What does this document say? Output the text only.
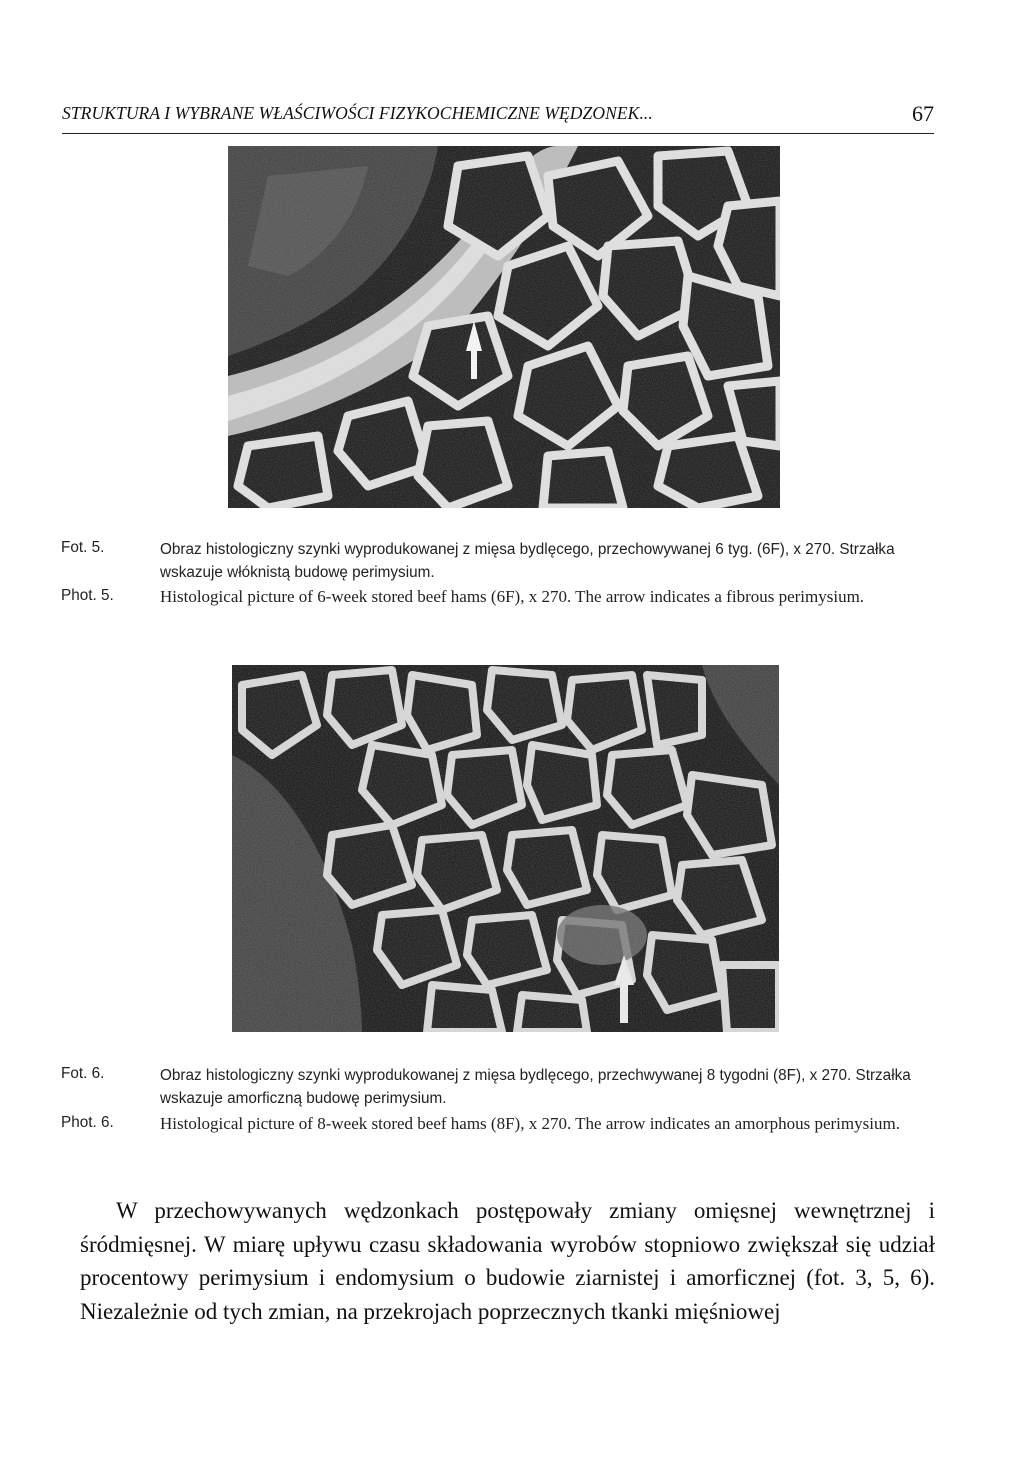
STRUKTURA I WYBRANE WŁAŚCIWOŚCI FIZYKOCHEMICZNE WĘDZONEK...	67
Fot. 5.	Obraz histologiczny szynki wyprodukowanej z mięsa bydlęcego, przechowywanej 6 tyg. (6F), x 270. Strzałka wskazuje włóknistą budowę perimysium.
Phot. 5.	Histological picture of 6-week stored beef hams (6F), x 270. The arrow indicates a fibrous perimysium.
Fot. 6.	Obraz histologiczny szynki wyprodukowanej z mięsa bydlęcego, przechwywanej 8 tygodni (8F), x 270. Strzałka wskazuje amorficzną budowę perimysium.
Phot. 6.	Histological picture of 8-week stored beef hams (8F), x 270. The arrow indicates an amorphous perimysium.
W przechowywanych wędzonkach postępowały zmiany omięsnej wewnętrznej i śródmięsnej. W miarę upływu czasu składowania wyrobów stopniowo zwiększał się udział procentowy perimysium i endomysium o budowie ziarnistej i amorficznej (fot. 3, 5, 6). Niezależnie od tych zmian, na przekrojach poprzecznych tkanki mięśniowej
